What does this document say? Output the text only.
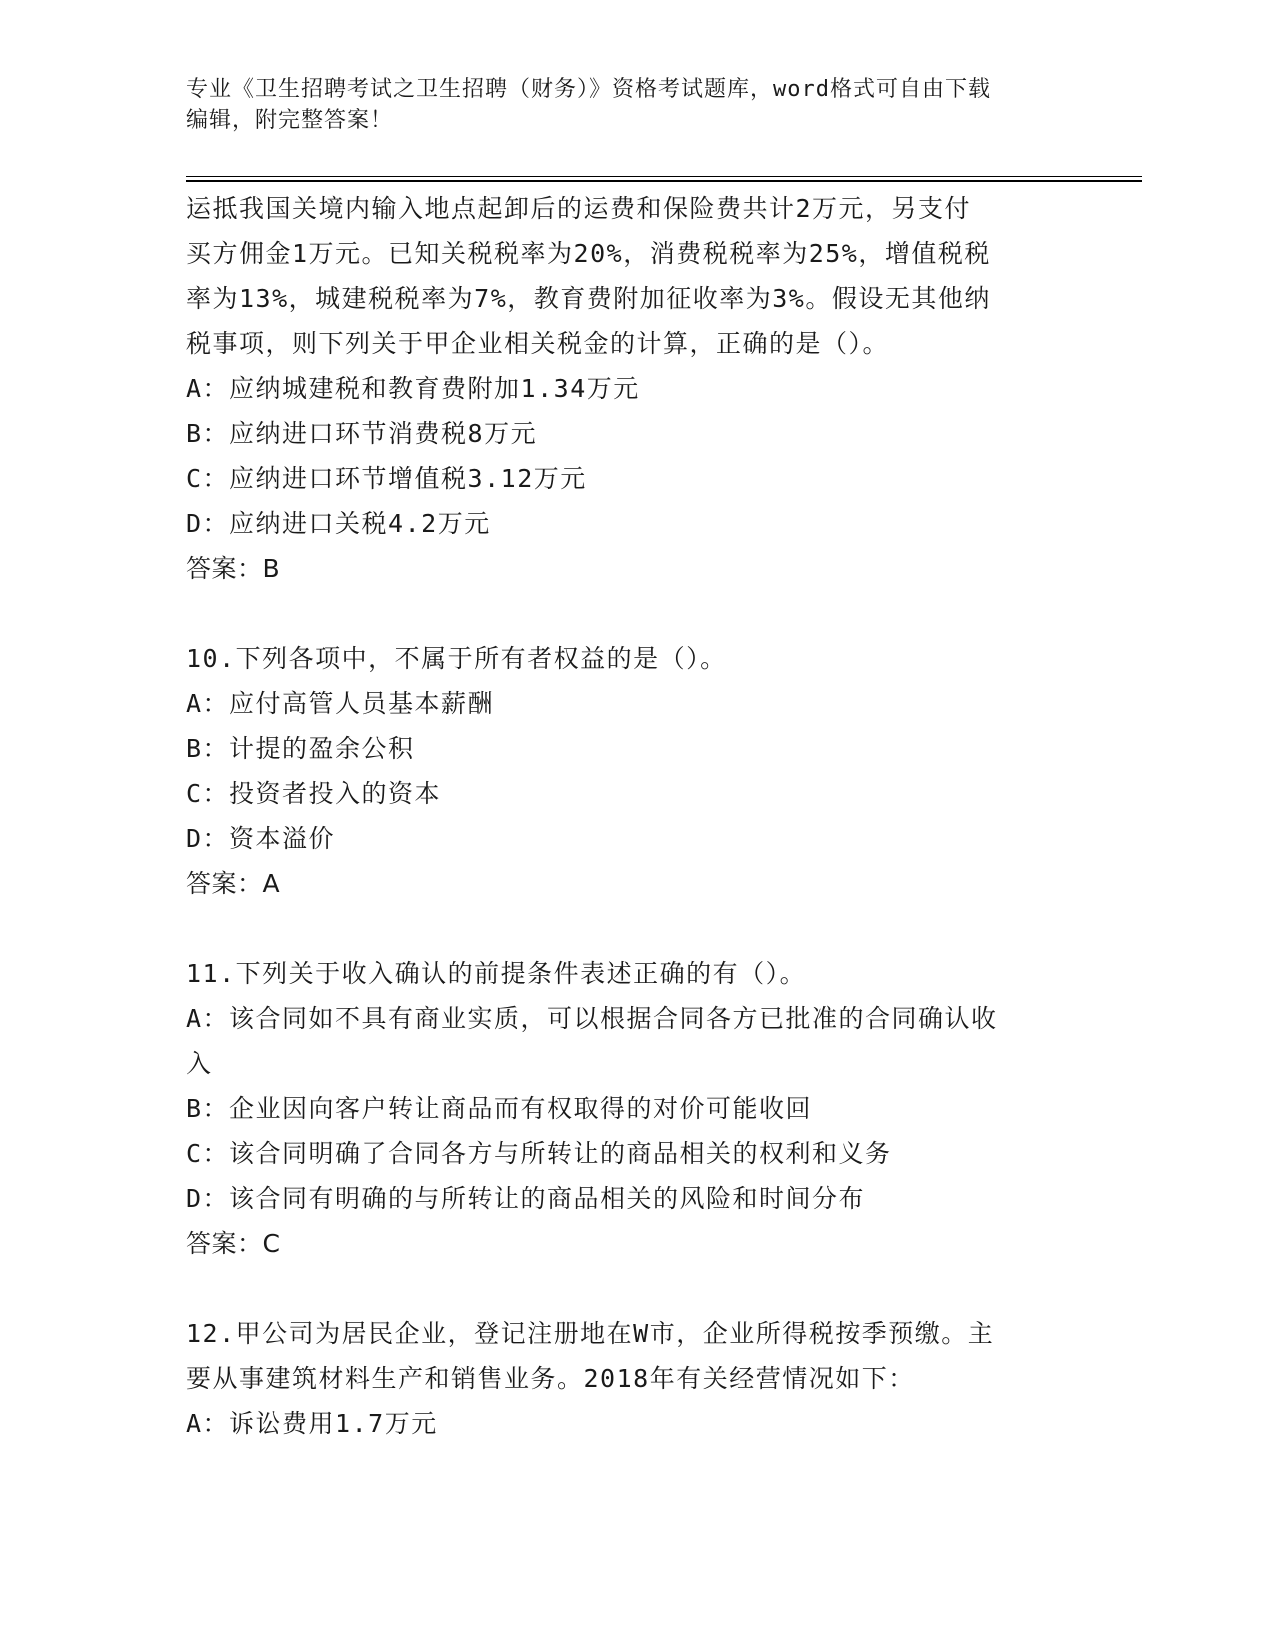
专业《卫生招聘考试之卫生招聘（财务）》资格考试题库，word格式可自由下载
编辑，附完整答案！
运抵我国关境内输入地点起卸后的运费和保险费共计2万元，另支付
买方佣金1万元。已知关税税率为20%，消费税税率为25%，增值税税
率为13%，城建税税率为7%，教育费附加征收率为3%。假设无其他纳
税事项，则下列关于甲企业相关税金的计算，正确的是（）。
A：应纳城建税和教育费附加1.34万元
B：应纳进口环节消费税8万元
C：应纳进口环节增值税3.12万元
D：应纳进口关税4.2万元
答案：B
10.下列各项中，不属于所有者权益的是（）。
A：应付高管人员基本薪酬
B：计提的盈余公积
C：投资者投入的资本
D：资本溢价
答案：A
11.下列关于收入确认的前提条件表述正确的有（）。
A：该合同如不具有商业实质，可以根据合同各方已批准的合同确认收
入
B：企业因向客户转让商品而有权取得的对价可能收回
C：该合同明确了合同各方与所转让的商品相关的权利和义务
D：该合同有明确的与所转让的商品相关的风险和时间分布
答案：C
12.甲公司为居民企业，登记注册地在W市，企业所得税按季预缴。主
要从事建筑材料生产和销售业务。2018年有关经营情况如下：
A：诉讼费用1.7万元
